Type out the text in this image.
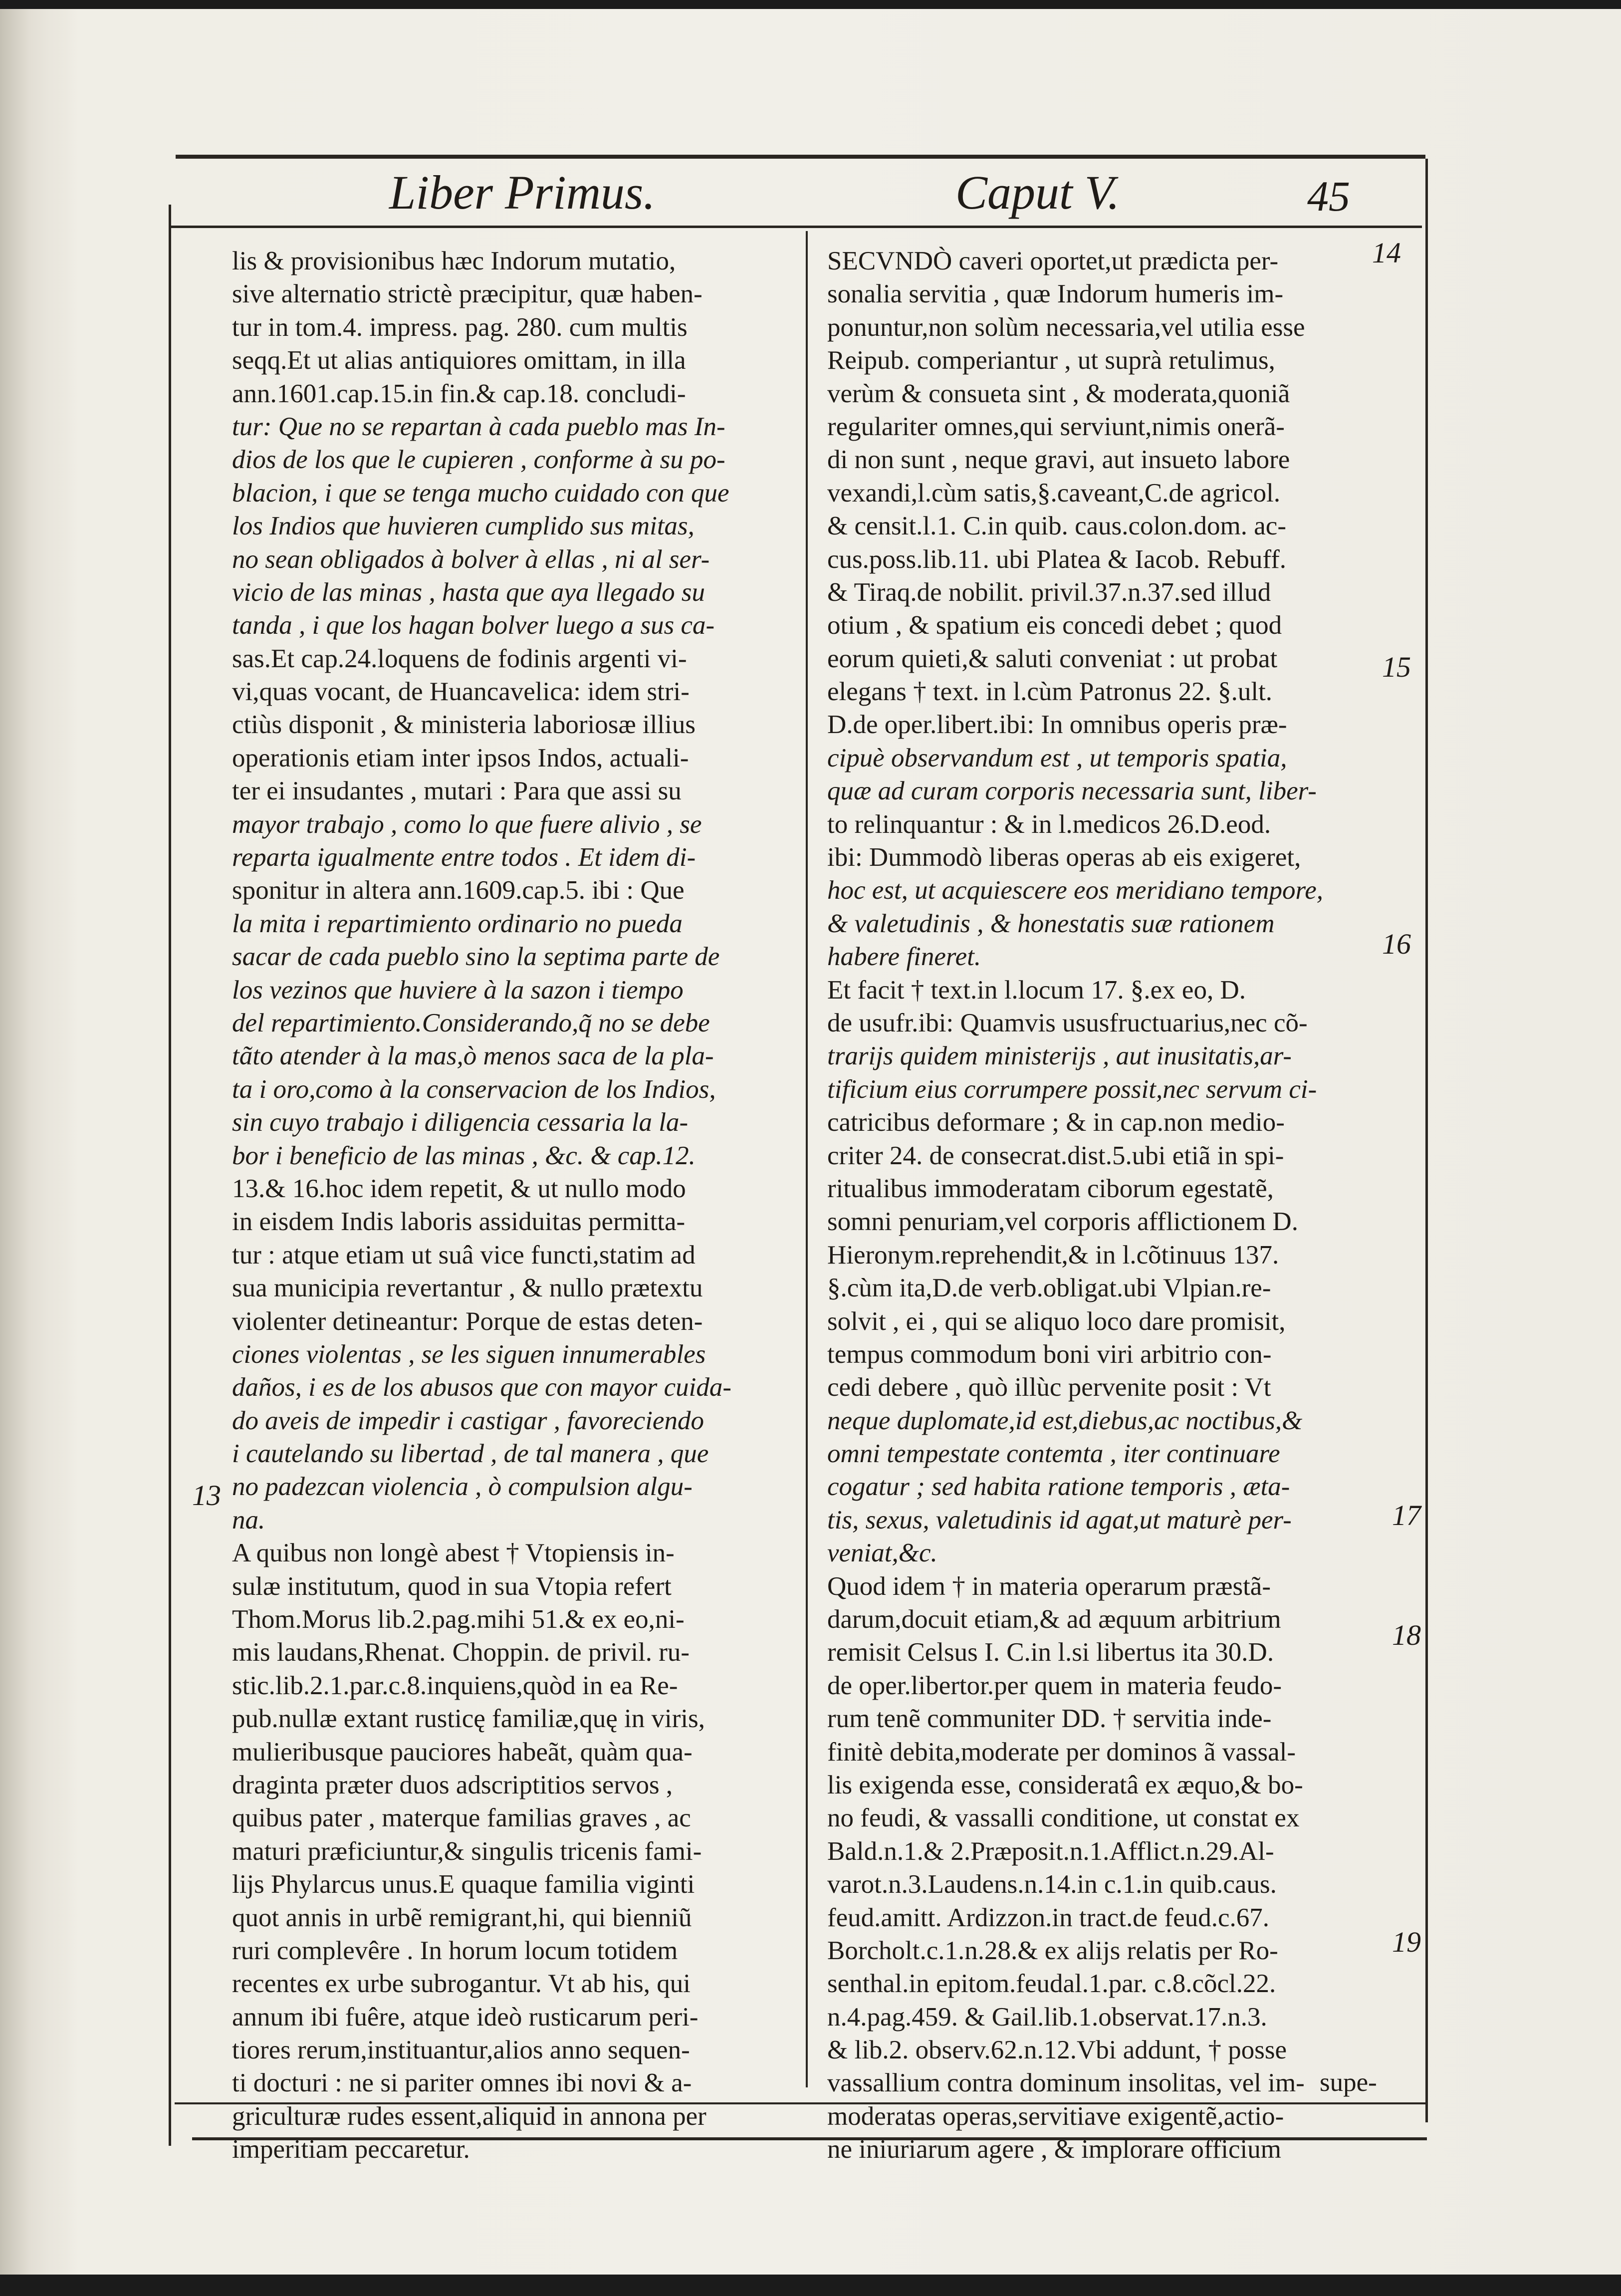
Liber Primus.	Caput V.	45
lis & provisionibus hæc Indorum mutatio,
sive alternatio strictè præcipitur, quæ haben-
tur in tom.4. impress. pag. 280. cum multis
seqq.Et ut alias antiquiores omittam, in illa
ann.1601.cap.15.in fin.& cap.18. concludi-
tur: Que no se repartan à cada pueblo mas In-
dios de los que le cupieren , conforme à su po-
blacion, i que se tenga mucho cuidado con que
los Indios que huvieren cumplido sus mitas,
no sean obligados à bolver à ellas , ni al ser-
vicio de las minas , hasta que aya llegado su
tanda , i que los hagan bolver luego a sus ca-
sas.Et cap.24.loquens de fodinis argenti vi-
vi,quas vocant, de Huancavelica: idem stri-
ctiùs disponit , & ministeria laboriosæ illius
operationis etiam inter ipsos Indos, actuali-
ter ei insudantes , mutari : Para que assi su
mayor trabajo , como lo que fuere alivio , se
reparta igualmente entre todos . Et idem di-
sponitur in altera ann.1609.cap.5. ibi : Que
la mita i repartimiento ordinario no pueda
sacar de cada pueblo sino la septima parte de
los vezinos que huviere à la sazon i tiempo
del repartimiento.Considerando,q̃ no se debe
tãto atender à la mas,ò menos saca de la pla-
ta i oro,como à la conservacion de los Indios,
sin cuyo trabajo i diligencia cessaria la la-
bor i beneficio de las minas , &c. & cap.12.
13.& 16.hoc idem repetit, & ut nullo modo
in eisdem Indis laboris assiduitas permitta-
tur : atque etiam ut suâ vice functi,statim ad
sua municipia revertantur , & nullo prætextu
violenter detineantur: Porque de estas deten-
ciones violentas , se les siguen innumerables
daños, i es de los abusos que con mayor cuida-
do aveis de impedir i castigar , favoreciendo
i cautelando su libertad , de tal manera , que
no padezcan violencia , ò compulsion algu-
na.
A quibus non longè abest † Vtopiensis in-
sulæ institutum, quod in sua Vtopia refert
Thom.Morus lib.2.pag.mihi 51.& ex eo,ni-
mis laudans,Rhenat. Choppin. de privil. ru-
stic.lib.2.1.par.c.8.inquiens,quòd in ea Re-
pub.nullæ extant rusticę familiæ,quę in viris,
mulieribusque pauciores habeãt, quàm qua-
draginta præter duos adscriptitios servos ,
quibus pater , materque familias graves , ac
maturi præficiuntur,& singulis tricenis fami-
lijs Phylarcus unus.E quaque familia viginti
quot annis in urbẽ remigrant,hi, qui bienniũ
ruri complevêre . In horum locum totidem
recentes ex urbe subrogantur. Vt ab his, qui
annum ibi fuêre, atque ideò rusticarum peri-
tiores rerum,instituantur,alios anno sequen-
ti docturi : ne si pariter omnes ibi novi & a-
griculturæ rudes essent,aliquid in annona per
imperitiam peccaretur.
SECVNDÒ caveri oportet,ut prædicta per-
sonalia servitia , quæ Indorum humeris im-
ponuntur,non solùm necessaria,vel utilia esse
Reipub. comperiantur , ut suprà retulimus,
verùm & consueta sint , & moderata,quoniã
regulariter omnes,qui serviunt,nimis onerã-
di non sunt , neque gravi, aut insueto labore
vexandi,l.cùm satis,§.caveant,C.de agricol.
& censit.l.1. C.in quib. caus.colon.dom. ac-
cus.poss.lib.11. ubi Platea & Iacob. Rebuff.
& Tiraq.de nobilit. privil.37.n.37.sed illud
otium , & spatium eis concedi debet ; quod
eorum quieti,& saluti conveniat : ut probat
elegans † text. in l.cùm Patronus 22. §.ult.
D.de oper.libert.ibi: In omnibus operis præ-
cipuè observandum est , ut temporis spatia,
quæ ad curam corporis necessaria sunt, liber-
to relinquantur : & in l.medicos 26.D.eod.
ibi: Dummodò liberas operas ab eis exigeret,
hoc est, ut acquiescere eos meridiano tempore,
& valetudinis , & honestatis suæ rationem
habere fineret.
Et facit † text.in l.locum 17. §.ex eo, D.
de usufr.ibi: Quamvis ususfructuarius,nec cõ-
trarijs quidem ministerijs , aut inusitatis,ar-
tificium eius corrumpere possit,nec servum ci-
catricibus deformare ; & in cap.non medio-
criter 24. de consecrat.dist.5.ubi etiã in spi-
ritualibus immoderatam ciborum egestatẽ,
somni penuriam,vel corporis afflictionem D.
Hieronym.reprehendit,& in l.cõtinuus 137.
§.cùm ita,D.de verb.obligat.ubi Vlpian.re-
solvit , ei , qui se aliquo loco dare promisit,
tempus commodum boni viri arbitrio con-
cedi debere , quò illùc pervenite posit : Vt
neque duplomate,id est,diebus,ac noctibus,&
omni tempestate contemta , iter continuare
cogatur ; sed habita ratione temporis , æta-
tis, sexus, valetudinis id agat,ut maturè per-
veniat,&c.
Quod idem † in materia operarum præstã-
darum,docuit etiam,& ad æquum arbitrium
remisit Celsus I. C.in l.si libertus ita 30.D.
de oper.libertor.per quem in materia feudo-
rum tenẽ communiter DD. † servitia inde-
finitè debita,moderate per dominos ã vassal-
lis exigenda esse, consideratâ ex æquo,& bo-
no feudi, & vassalli conditione, ut constat ex
Bald.n.1.& 2.Præposit.n.1.Afflict.n.29.Al-
varot.n.3.Laudens.n.14.in c.1.in quib.caus.
feud.amitt. Ardizzon.in tract.de feud.c.67.
Borcholt.c.1.n.28.& ex alijs relatis per Ro-
senthal.in epitom.feudal.1.par. c.8.cõcl.22.
n.4.pag.459. & Gail.lib.1.observat.17.n.3.
& lib.2. observ.62.n.12.Vbi addunt, † posse
vassallium contra dominum insolitas, vel im-
moderatas operas,servitiave exigentẽ,actio-
ne iniuriarum agere , & implorare officium
13
14
15
16
17
18
19
supe-
